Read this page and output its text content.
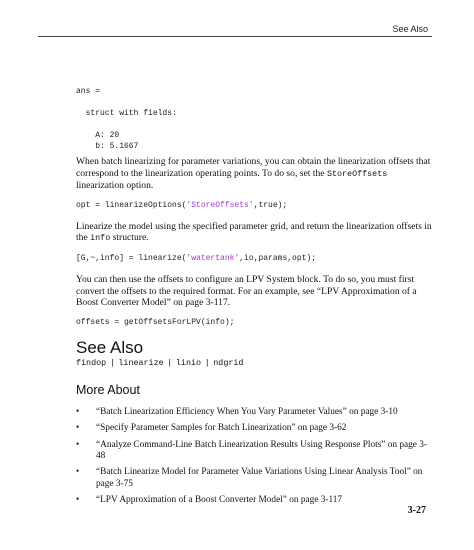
See Also
ans =

struct with fields:

A: 20
b: 5.1667

When batch linearizing for parameter variations, you can obtain the linearization offsets that correspond to the linearization operating points. To do so, set the StoreOffsets linearization option.

opt = linearizeOptions('StoreOffsets',true);

Linearize the model using the specified parameter grid, and return the linearization offsets in the info structure.

[G,~,info] = linearize('watertank',io,params,opt);

You can then use the offsets to configure an LPV System block. To do so, you must first convert the offsets to the required format. For an example, see “LPV Approximation of a Boost Converter Model” on page 3-117.

offsets = getOffsetsForLPV(info);
See Also
findop | linearize | linio | ndgrid
More About
• “Batch Linearization Efficiency When You Vary Parameter Values” on page 3-10
• “Specify Parameter Samples for Batch Linearization” on page 3-62
• “Analyze Command-Line Batch Linearization Results Using Response Plots” on page 3-48
• “Batch Linearize Model for Parameter Value Variations Using Linear Analysis Tool” on page 3-75
• “LPV Approximation of a Boost Converter Model” on page 3-117
3-27
